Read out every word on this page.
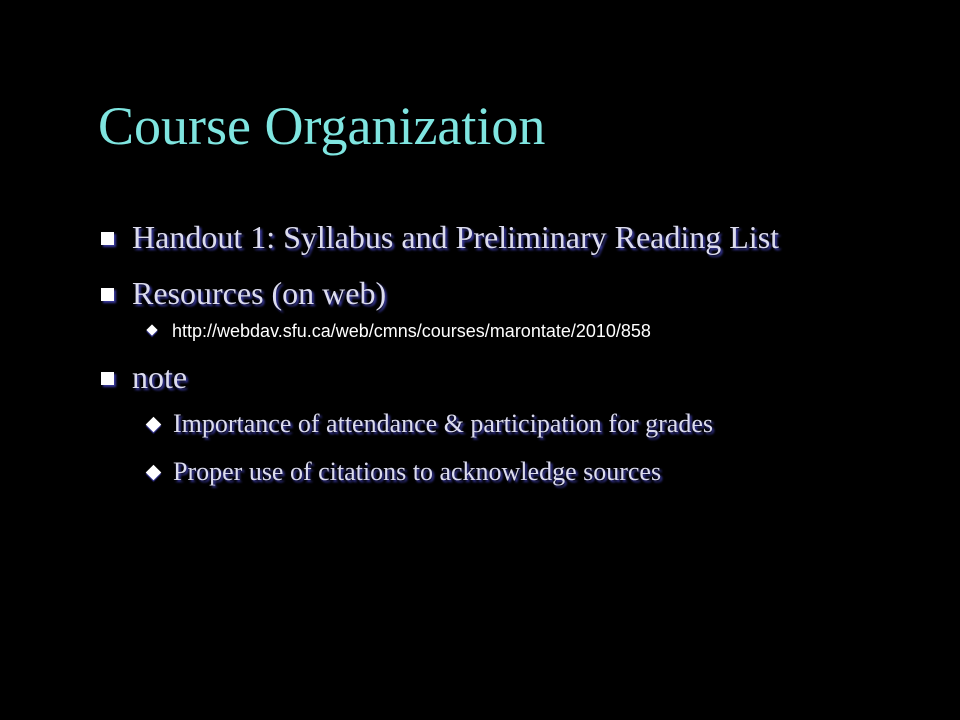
Course Organization
Handout 1: Syllabus and Preliminary Reading List
Resources (on web)
http://webdav.sfu.ca/web/cmns/courses/marontate/2010/858
note
Importance of attendance & participation for grades
Proper use of citations to acknowledge sources
